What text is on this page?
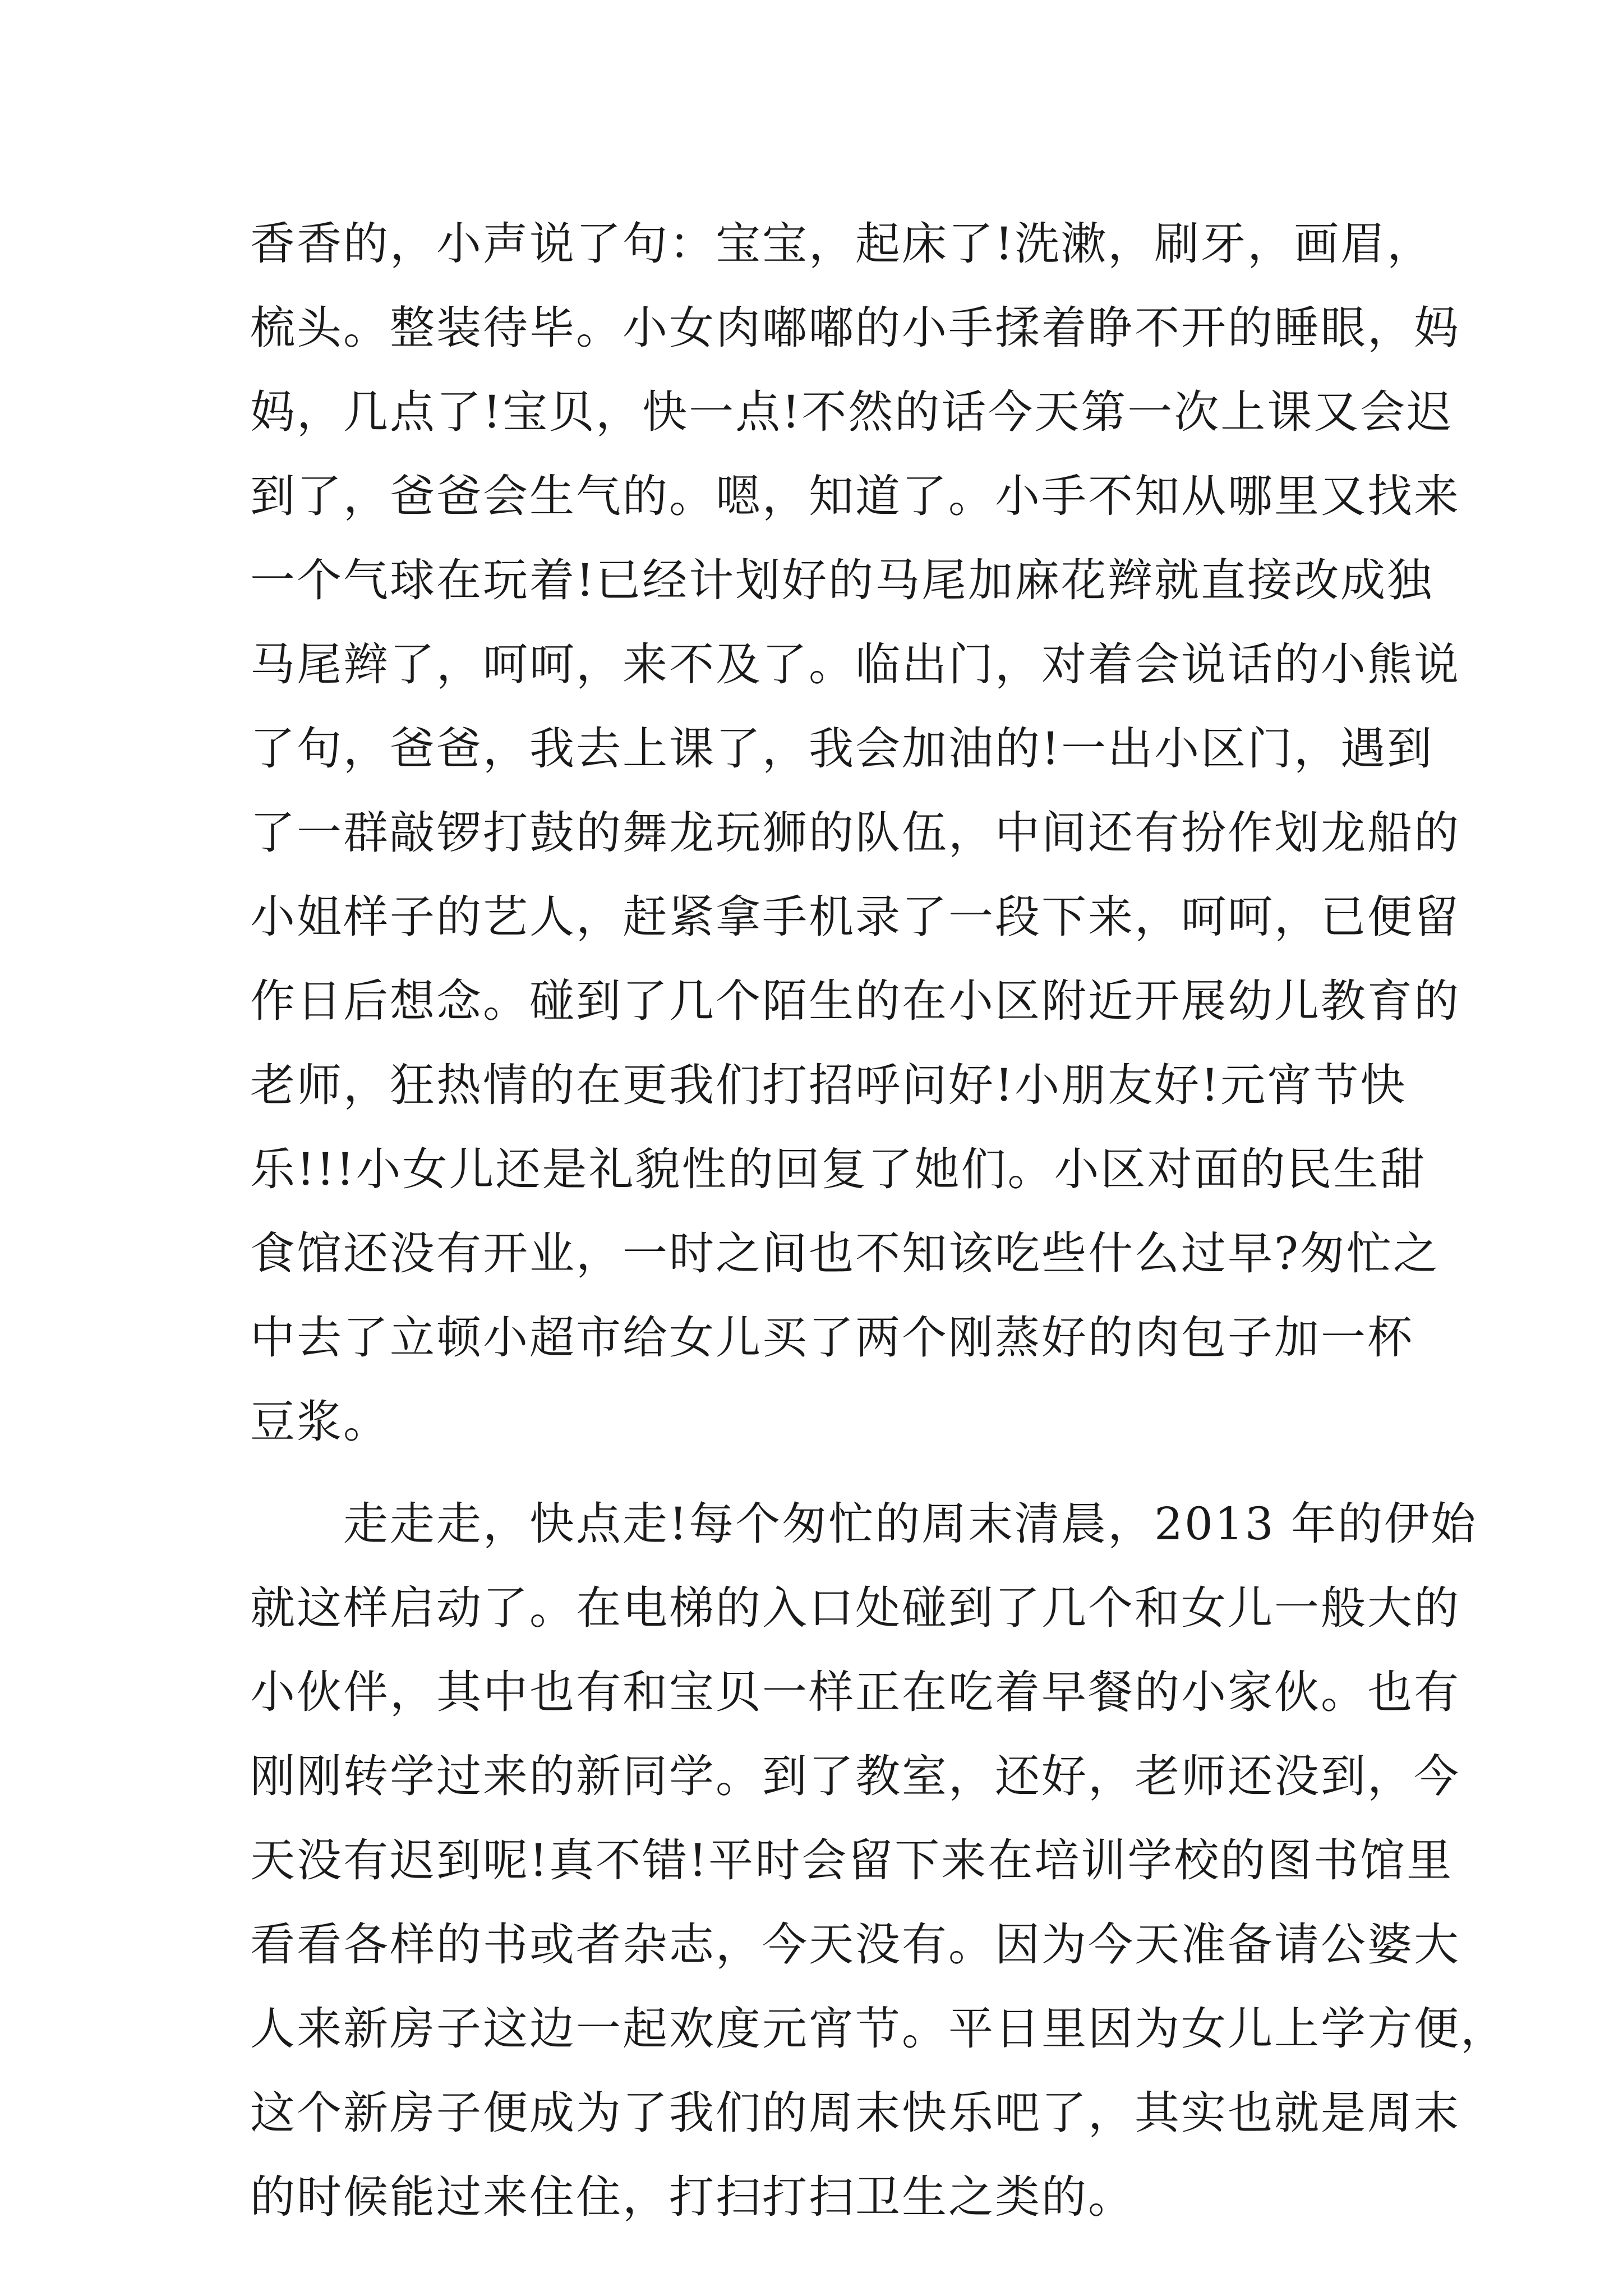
香香的，小声说了句：宝宝，起床了!洗漱，刷牙，画眉，
梳头。整装待毕。小女肉嘟嘟的小手揉着睁不开的睡眼，妈
妈，几点了!宝贝，快一点!不然的话今天第一次上课又会迟
到了，爸爸会生气的。嗯，知道了。小手不知从哪里又找来
一个气球在玩着!已经计划好的马尾加麻花辫就直接改成独
马尾辫了，呵呵，来不及了。临出门，对着会说话的小熊说
了句，爸爸，我去上课了，我会加油的!一出小区门，遇到
了一群敲锣打鼓的舞龙玩狮的队伍，中间还有扮作划龙船的
小姐样子的艺人，赶紧拿手机录了一段下来，呵呵，已便留
作日后想念。碰到了几个陌生的在小区附近开展幼儿教育的
老师，狂热情的在更我们打招呼问好!小朋友好!元宵节快
乐!!!小女儿还是礼貌性的回复了她们。小区对面的民生甜
食馆还没有开业，一时之间也不知该吃些什么过早?匆忙之
中去了立顿小超市给女儿买了两个刚蒸好的肉包子加一杯
豆浆。
　　走走走，快点走!每个匆忙的周末清晨，2013 年的伊始
就这样启动了。在电梯的入口处碰到了几个和女儿一般大的
小伙伴，其中也有和宝贝一样正在吃着早餐的小家伙。也有
刚刚转学过来的新同学。到了教室，还好，老师还没到，今
天没有迟到呢!真不错!平时会留下来在培训学校的图书馆里
看看各样的书或者杂志，今天没有。因为今天准备请公婆大
人来新房子这边一起欢度元宵节。平日里因为女儿上学方便，
这个新房子便成为了我们的周末快乐吧了，其实也就是周末
的时候能过来住住，打扫打扫卫生之类的。
